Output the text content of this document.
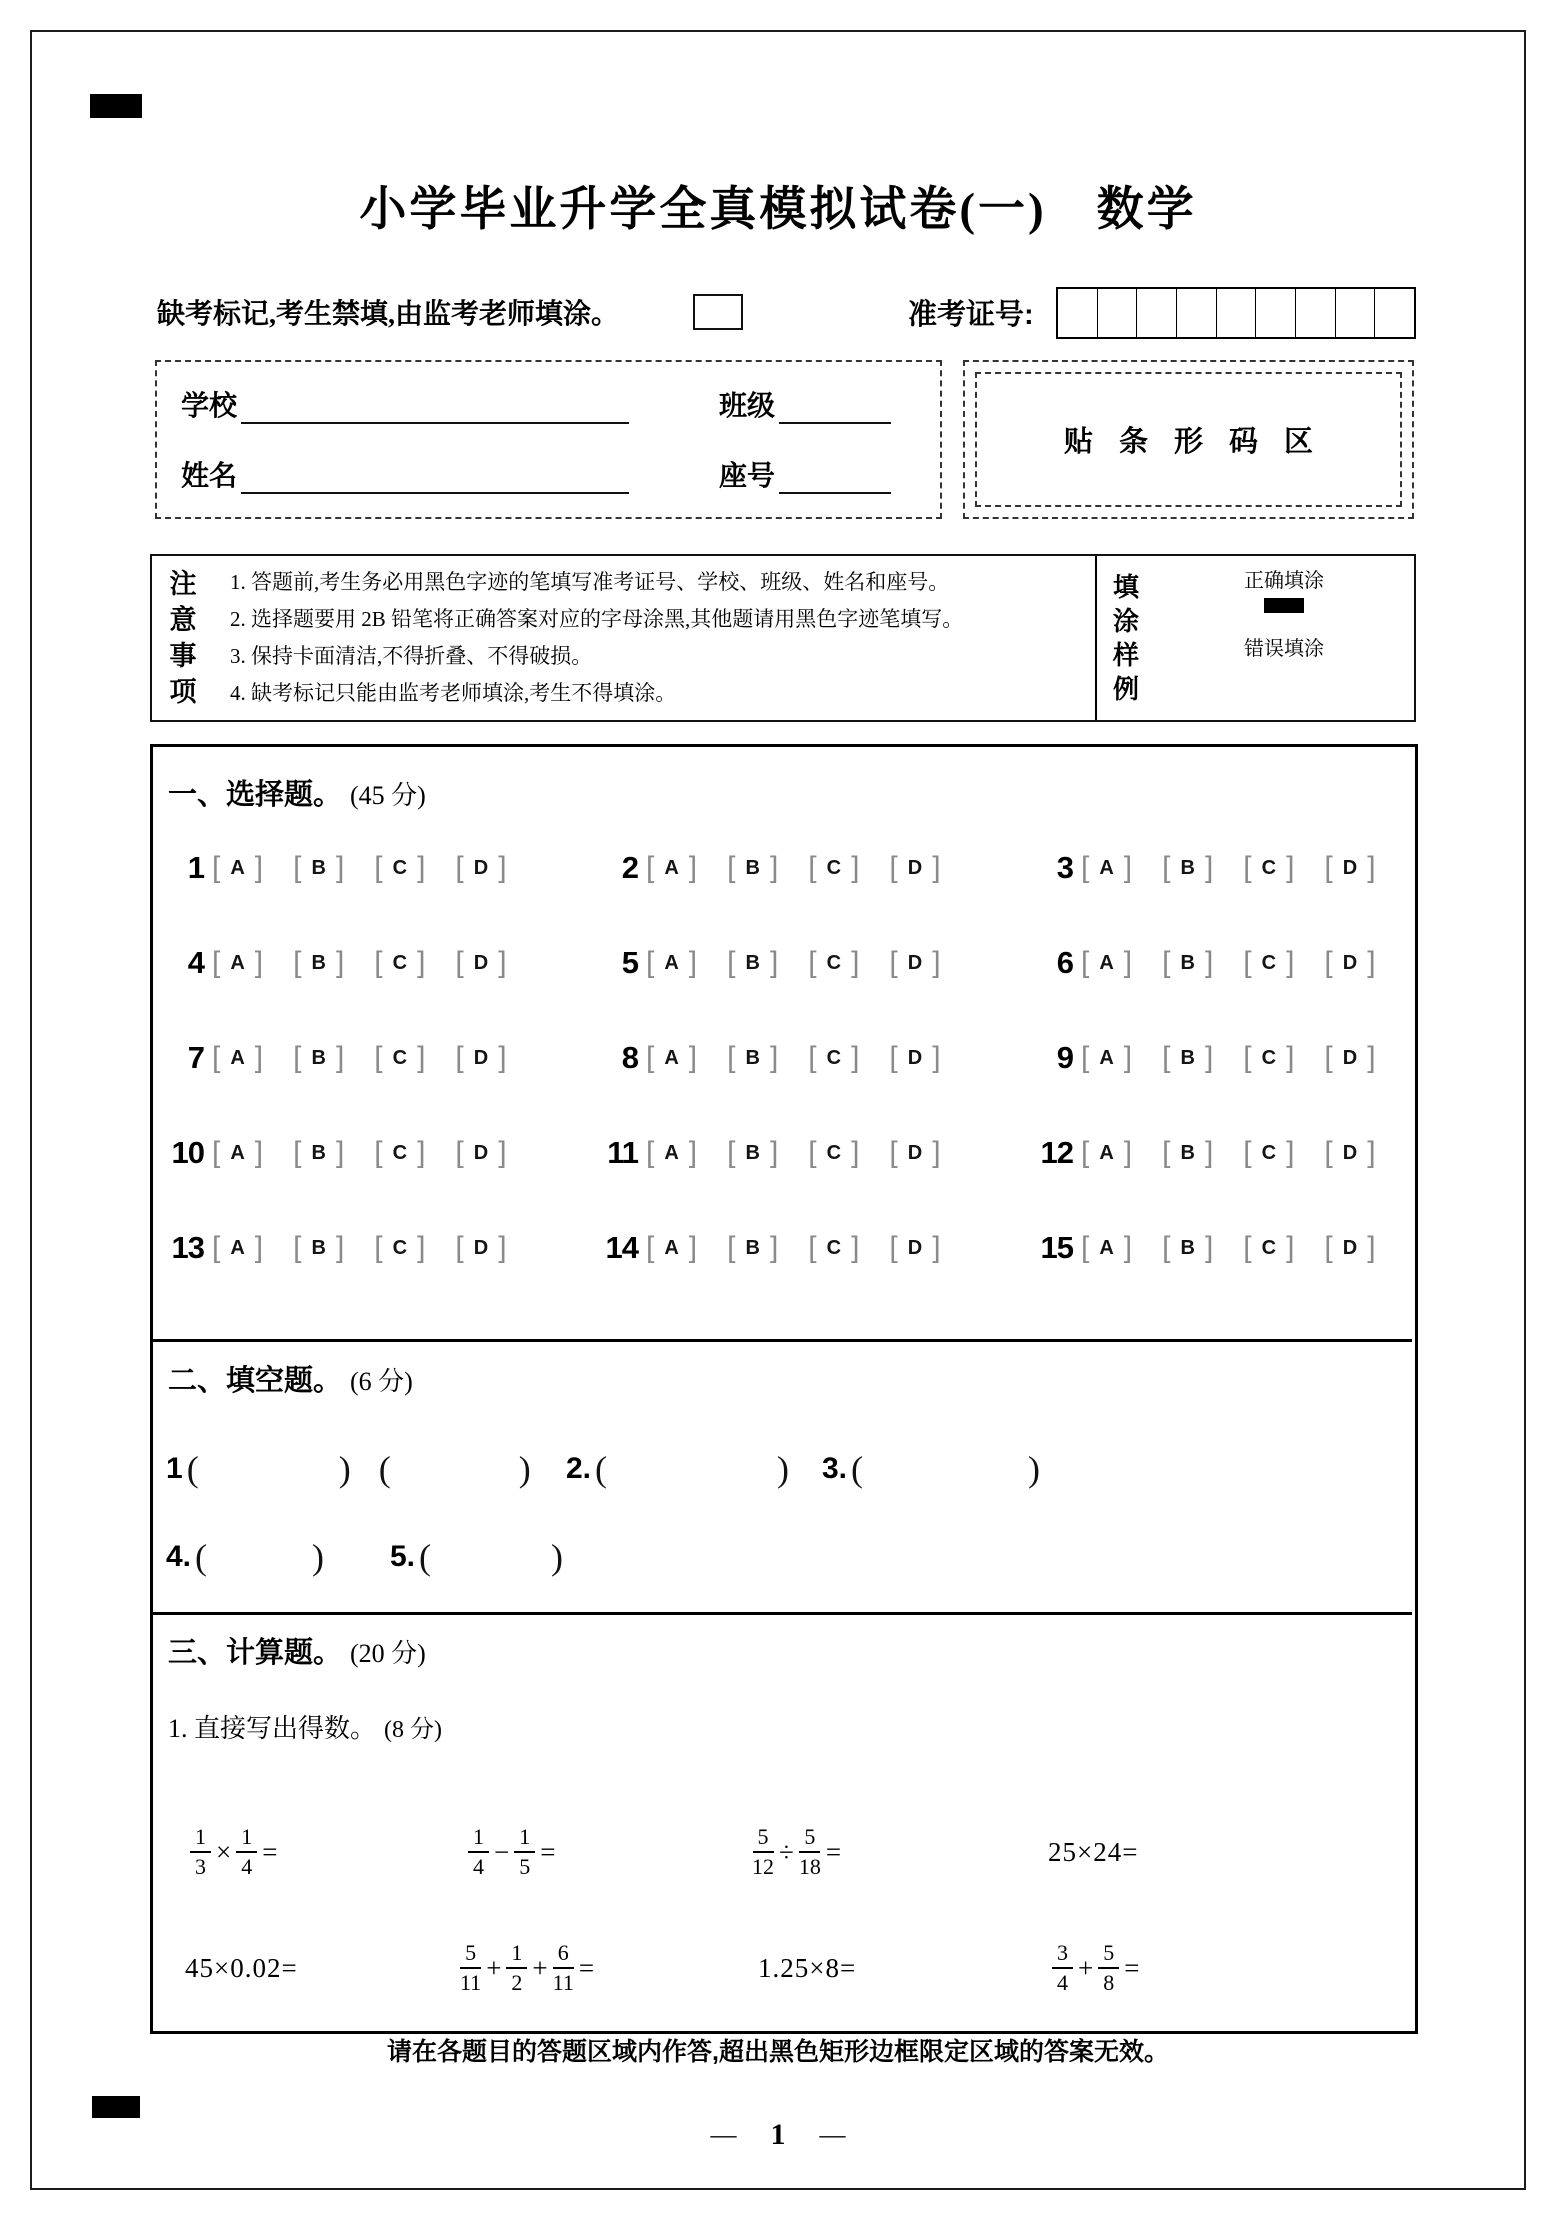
小学毕业升学全真模拟试卷(一)　数学
缺考标记,考生禁填,由监考老师填涂。	准考证号:
学校	班级
姓名	座号
贴条形码区
注意事项
1. 答题前,考生务必用黑色字迹的笔填写准考证号、学校、班级、姓名和座号。
2. 选择题要用 2B 铅笔将正确答案对应的字母涂黑,其他题请用黑色字迹笔填写。
3. 保持卡面清洁,不得折叠、不得破损。
4. 缺考标记只能由监考老师填涂,考生不得填涂。
填涂样例
正确填涂
错误填涂
一、选择题。 (45 分)
二、填空题。 (6 分)
三、计算题。 (20 分)
1. 直接写出得数。 (8 分)
请在各题目的答题区域内作答,超出黑色矩形边框限定区域的答案无效。
— 1 —
1 [ A ] [ B ] [ C ] [ D ]	2 [ A ] [ B ] [ C ] [ D ]	3 [ A ] [ B ] [ C ] [ D ]
4 [ A ] [ B ] [ C ] [ D ]	5 [ A ] [ B ] [ C ] [ D ]	6 [ A ] [ B ] [ C ] [ D ]
7 [ A ] [ B ] [ C ] [ D ]	8 [ A ] [ B ] [ C ] [ D ]	9 [ A ] [ B ] [ C ] [ D ]
10 [ A ] [ B ] [ C ] [ D ]	11 [ A ] [ B ] [ C ] [ D ]	12 [ A ] [ B ] [ C ] [ D ]
13 [ A ] [ B ] [ C ] [ D ]	14 [ A ] [ B ] [ C ] [ D ]	15 [ A ] [ B ] [ C ] [ D ]
1 (	) (	) 2. (	) 3. (	)
4. (	) 5. (	)
$\frac{1}{3} \times \frac{1}{4}$ =	$\frac{1}{4} - \frac{1}{5}$ =	$\frac{5}{12} \div \frac{5}{18}$ =	25×24=
45×0.02=	$\frac{5}{11} + \frac{1}{2} + \frac{6}{11}$ =	1.25×8=	$\frac{3}{4} + \frac{5}{8}$ =
